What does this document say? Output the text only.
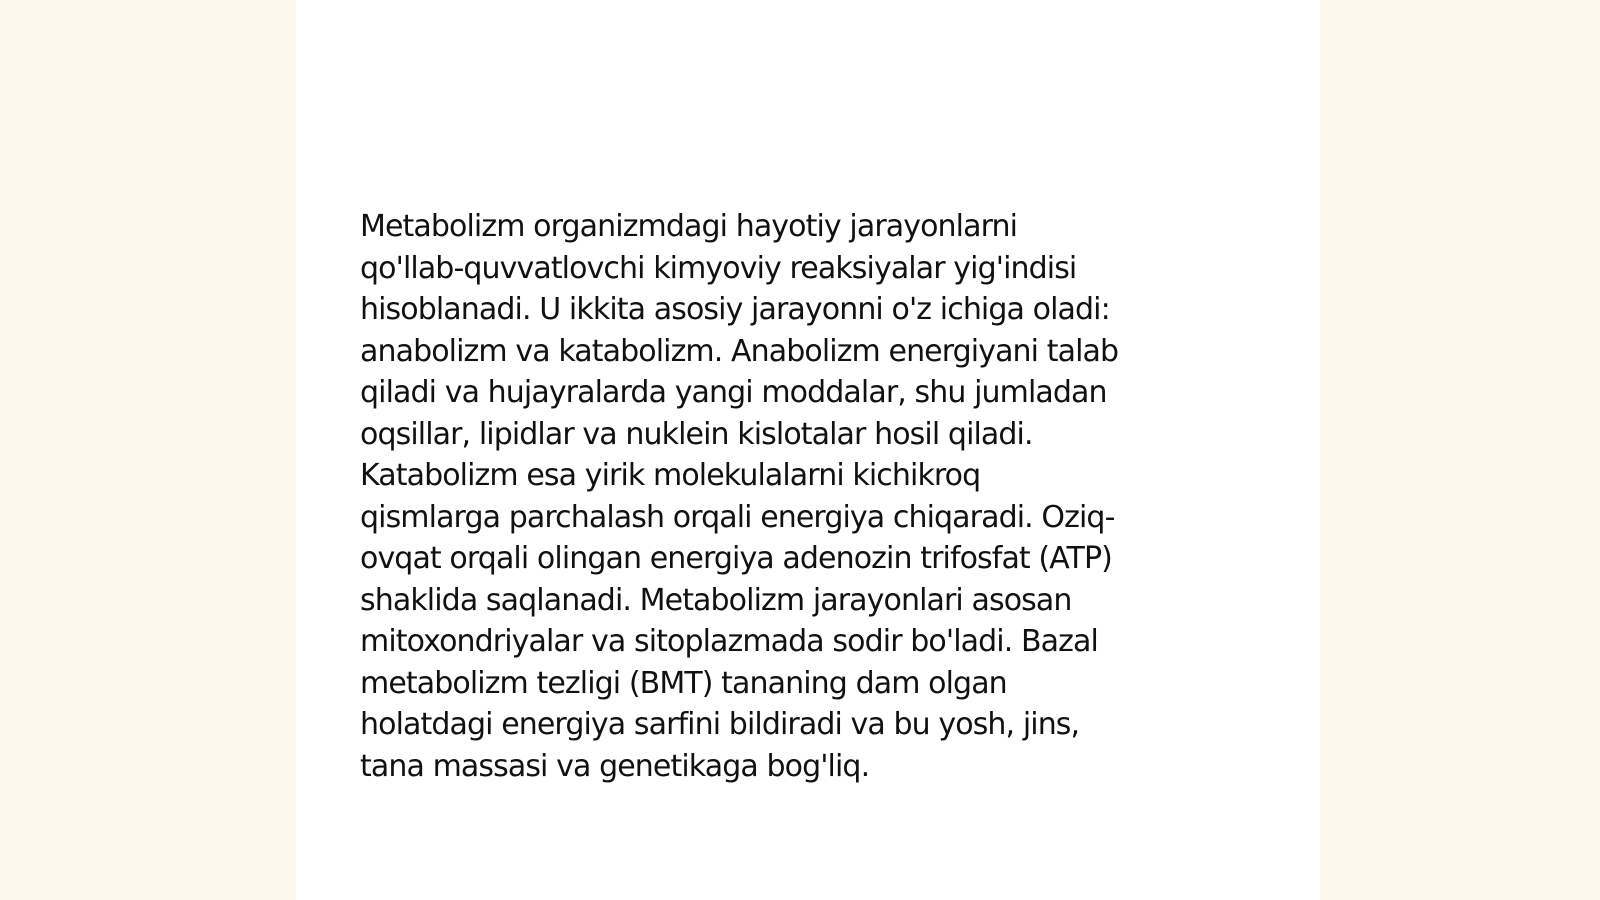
Metabolizm organizmdagi hayotiy jarayonlarni
qo'llab-quvvatlovchi kimyoviy reaksiyalar yig'indisi
hisoblanadi. U ikkita asosiy jarayonni o'z ichiga oladi:
anabolizm va katabolizm. Anabolizm energiyani talab
qiladi va hujayralarda yangi moddalar, shu jumladan
oqsillar, lipidlar va nuklein kislotalar hosil qiladi.
Katabolizm esa yirik molekulalarni kichikroq
qismlarga parchalash orqali energiya chiqaradi. Oziq-
ovqat orqali olingan energiya adenozin trifosfat (ATP)
shaklida saqlanadi. Metabolizm jarayonlari asosan
mitoxondriyalar va sitoplazmada sodir bo'ladi. Bazal
metabolizm tezligi (BMT) tananing dam olgan
holatdagi energiya sarfini bildiradi va bu yosh, jins,
tana massasi va genetikaga bog'liq.
